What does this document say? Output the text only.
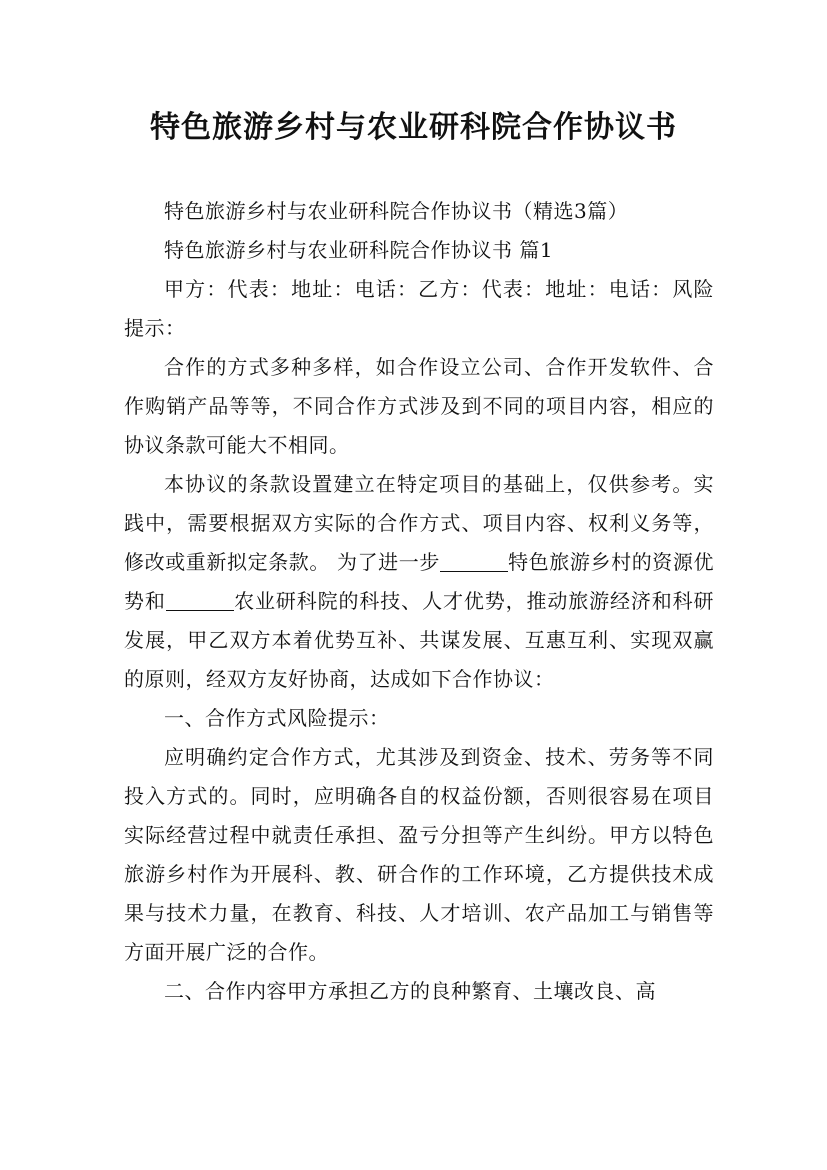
特色旅游乡村与农业研科院合作协议书

特色旅游乡村与农业研科院合作协议书（精选3篇）

特色旅游乡村与农业研科院合作协议书 篇1

甲方：代表：地址：电话：乙方：代表：地址：电话：风险提示：

合作的方式多种多样，如合作设立公司、合作开发软件、合作购销产品等等，不同合作方式涉及到不同的项目内容，相应的协议条款可能大不相同。

本协议的条款设置建立在特定项目的基础上，仅供参考。实践中，需要根据双方实际的合作方式、项目内容、权利义务等，修改或重新拟定条款。 为了进一步	特色旅游乡村的资源优势和	农业研科院的科技、人才优势，推动旅游经济和科研发展，甲乙双方本着优势互补、共谋发展、互惠互利、实现双赢的原则，经双方友好协商，达成如下合作协议：

一、合作方式风险提示：

应明确约定合作方式，尤其涉及到资金、技术、劳务等不同投入方式的。同时，应明确各自的权益份额，否则很容易在项目实际经营过程中就责任承担、盈亏分担等产生纠纷。甲方以特色旅游乡村作为开展科、教、研合作的工作环境，乙方提供技术成果与技术力量，在教育、科技、人才培训、农产品加工与销售等方面开展广泛的合作。

二、合作内容甲方承担乙方的良种繁育、土壤改良、高
